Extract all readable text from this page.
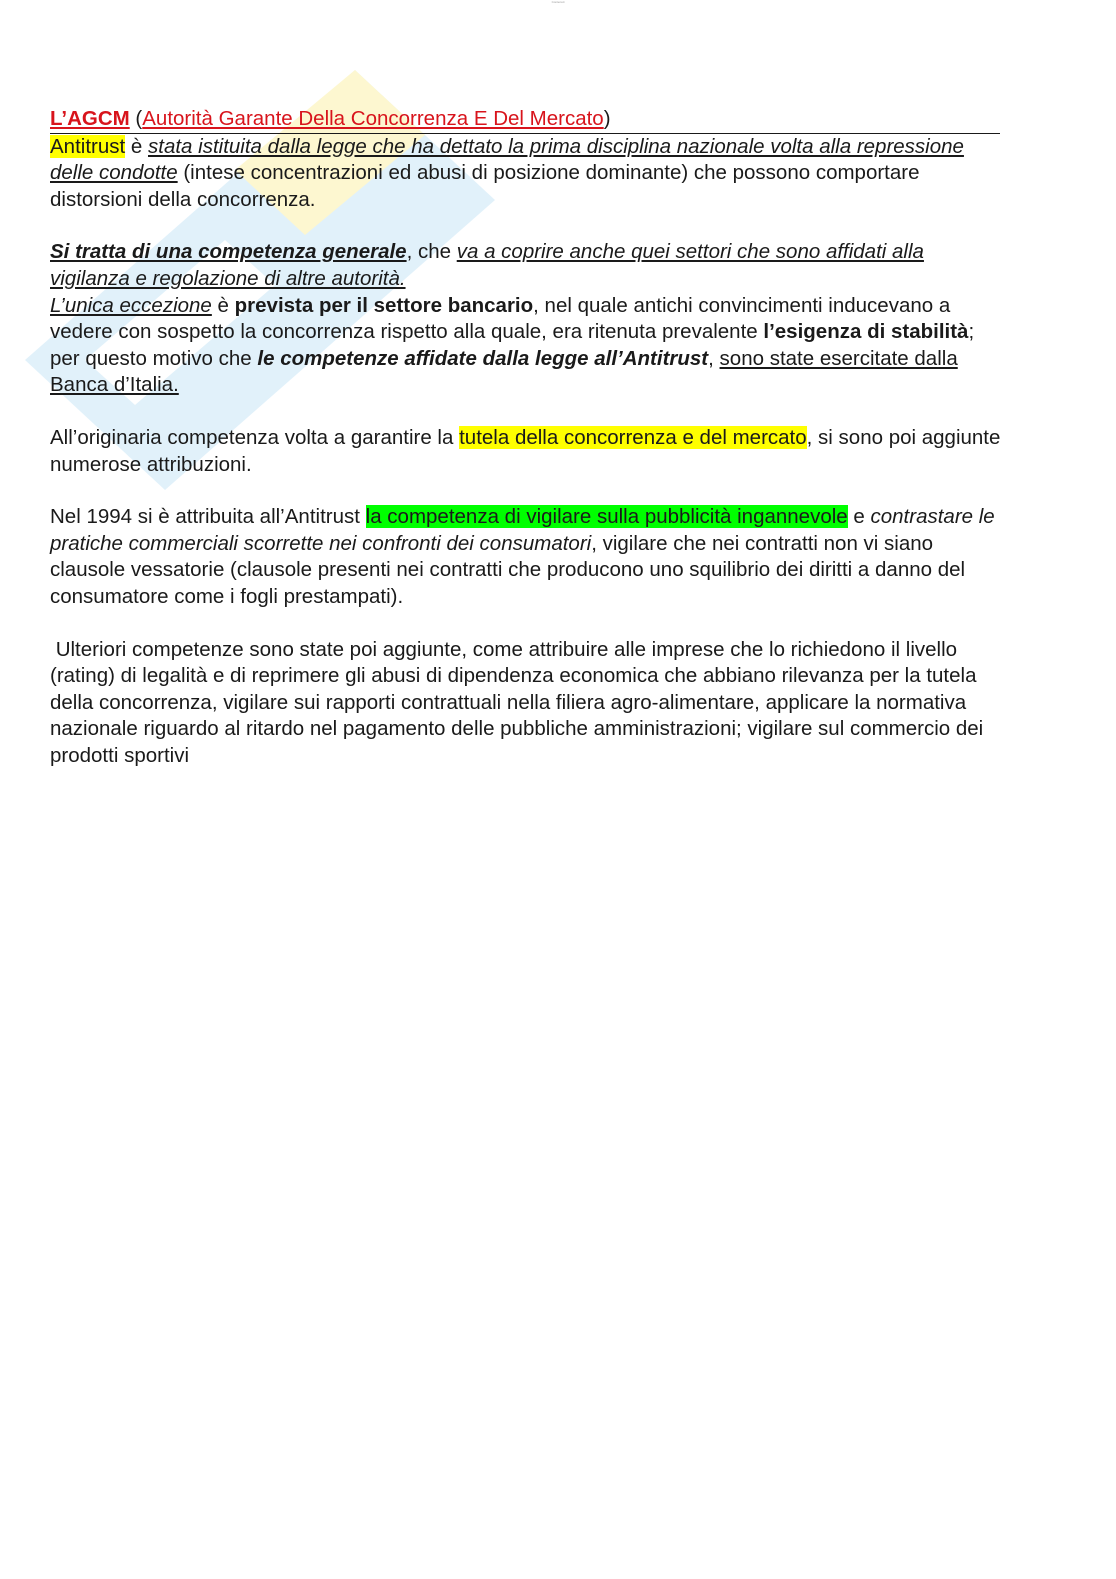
Contenuti

L’AGCM (Autorità Garante Della Concorrenza E Del Mercato)

Antitrust è stata istituita dalla legge che ha dettato la prima disciplina nazionale volta alla repressione delle condotte (intese concentrazioni ed abusi di posizione dominante) che possono comportare distorsioni della concorrenza.

Si tratta di una competenza generale, che va a coprire anche quei settori che sono affidati alla vigilanza e regolazione di altre autorità.

L’unica eccezione è prevista per il settore bancario, nel quale antichi convincimenti inducevano a vedere con sospetto la concorrenza rispetto alla quale, era ritenuta prevalente l’esigenza di stabilità;

per questo motivo che le competenze affidate dalla legge all’Antitrust, sono state esercitate dalla Banca d’Italia.

All’originaria competenza volta a garantire la tutela della concorrenza e del mercato, si sono poi aggiunte numerose attribuzioni.

Nel 1994 si è attribuita all’Antitrust la competenza di vigilare sulla pubblicità ingannevole e contrastare le pratiche commerciali scorrette nei confronti dei consumatori, vigilare che nei contratti non vi siano clausole vessatorie (clausole presenti nei contratti che producono uno squilibrio dei diritti a danno del consumatore come i fogli prestampati).

Ulteriori competenze sono state poi aggiunte, come attribuire alle imprese che lo richiedono il livello (rating) di legalità e di reprimere gli abusi di dipendenza economica che abbiano rilevanza per la tutela della concorrenza, vigilare sui rapporti contrattuali nella filiera agro-alimentare, applicare la normativa nazionale riguardo al ritardo nel pagamento delle pubbliche amministrazioni; vigilare sul commercio dei prodotti sportivi
